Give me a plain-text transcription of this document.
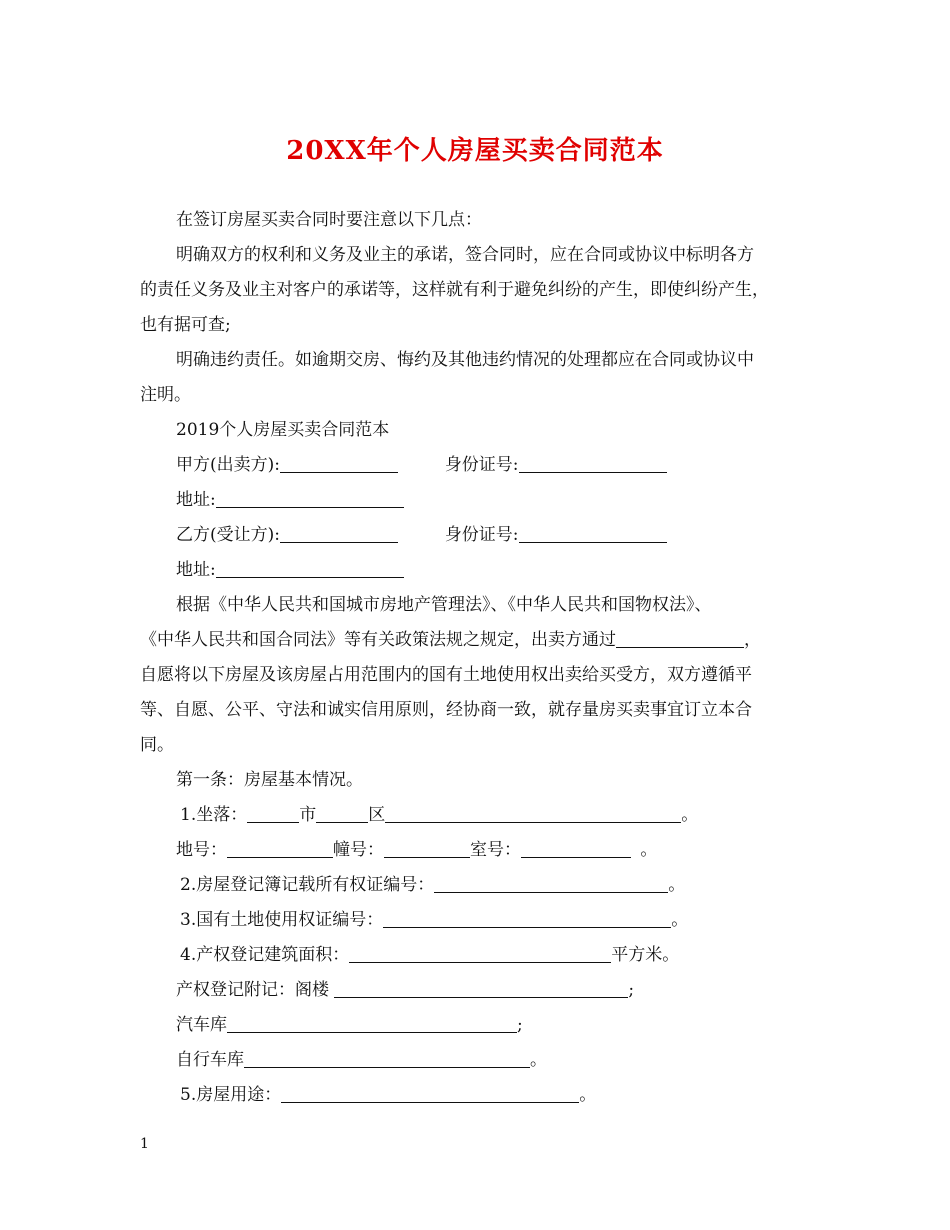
20XX年个人房屋买卖合同范本
在签订房屋买卖合同时要注意以下几点：
明确双方的权利和义务及业主的承诺，签合同时，应在合同或协议中标明各方
的责任义务及业主对客户的承诺等，这样就有利于避免纠纷的产生，即使纠纷产生，
也有据可查;
明确违约责任。如逾期交房、悔约及其他违约情况的处理都应在合同或协议中
注明。
2019个人房屋买卖合同范本
甲方(出卖方):	身份证号:
地址:
乙方(受让方):	身份证号:
地址:
根据《中华人民共和国城市房地产管理法》、《中华人民共和国物权法》、
《中华人民共和国合同法》等有关政策法规之规定，出卖方通过	，
自愿将以下房屋及该房屋占用范围内的国有土地使用权出卖给买受方，双方遵循平
等、自愿、公平、守法和诚实信用原则，经协商一致，就存量房买卖事宜订立本合
同。
第一条：房屋基本情况。
1.坐落：	市	区	。
地号：	幢号：	室号：	。
2.房屋登记簿记载所有权证编号：	。
3.国有土地使用权证编号：	。
4.产权登记建筑面积：	平方米。
产权登记附记：阁楼	;
汽车库	;
自行车库	。
5.房屋用途：	。
1
